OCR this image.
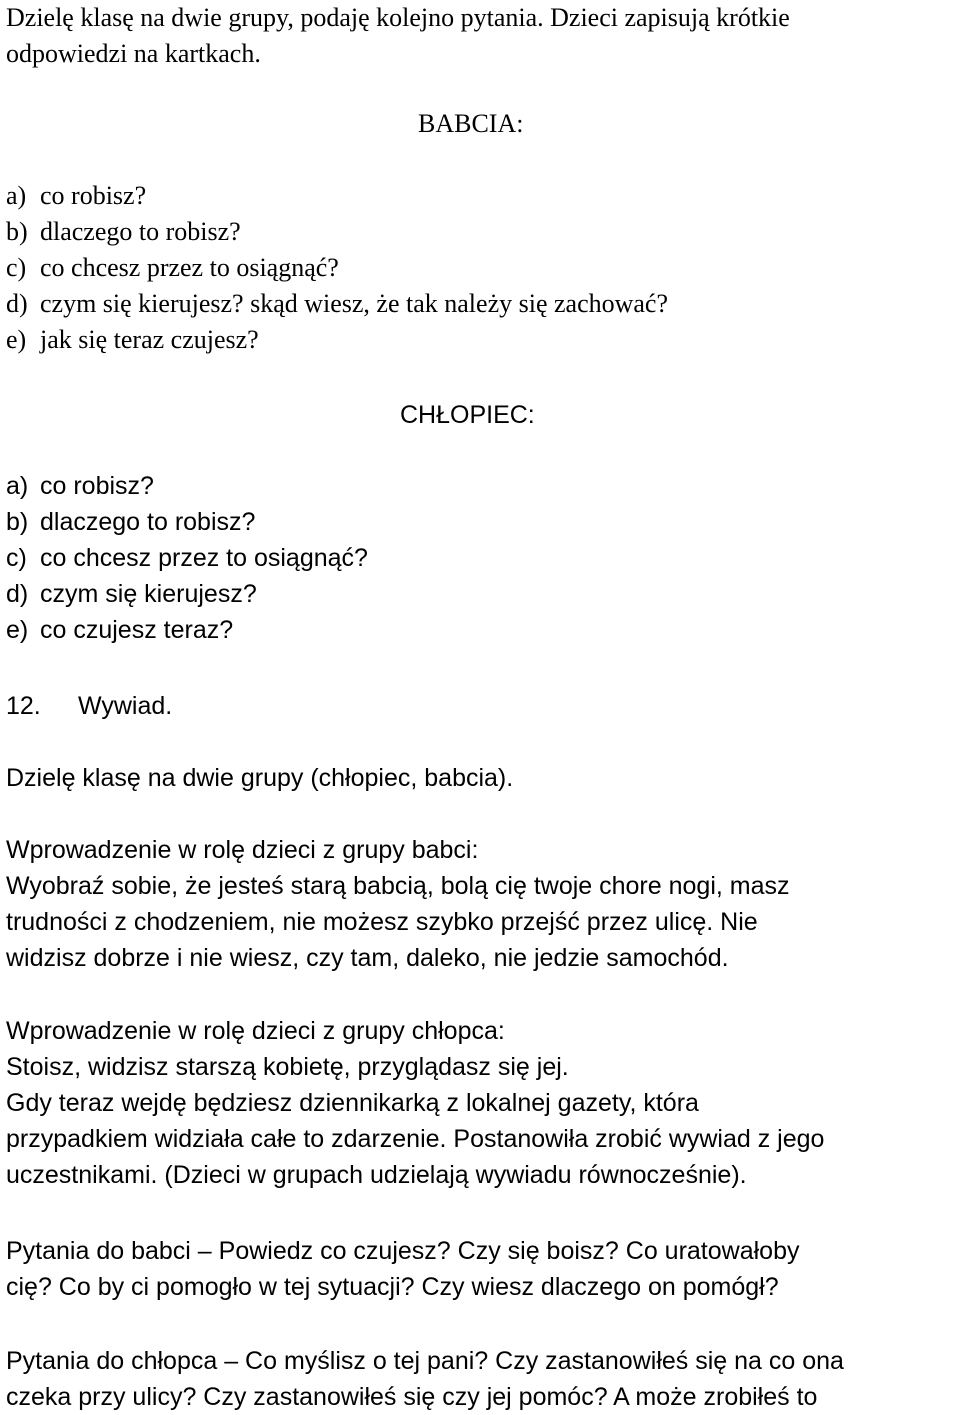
Dzielę klasę na dwie grupy, podaję kolejno pytania. Dzieci zapisują krótkie
odpowiedzi na kartkach.
BABCIA:
a) co robisz?
b) dlaczego to robisz?
c) co chcesz przez to osiągnąć?
d) czym się kierujesz? skąd wiesz, że tak należy się zachować?
e) jak się teraz czujesz?
CHŁOPIEC:
a) co robisz?
b) dlaczego to robisz?
c) co chcesz przez to osiągnąć?
d) czym się kierujesz?
e) co czujesz teraz?
12. Wywiad.
Dzielę klasę na dwie grupy (chłopiec, babcia).
Wprowadzenie w rolę dzieci z grupy babci:
Wyobraź sobie, że jesteś starą babcią, bolą cię twoje chore nogi, masz
trudności z chodzeniem, nie możesz szybko przejść przez ulicę. Nie
widzisz dobrze i nie wiesz, czy tam, daleko, nie jedzie samochód.
Wprowadzenie w rolę dzieci z grupy chłopca:
Stoisz, widzisz starszą kobietę, przyglądasz się jej.
Gdy teraz wejdę będziesz dziennikarką z lokalnej gazety, która
przypadkiem widziała całe to zdarzenie. Postanowiła zrobić wywiad z jego
uczestnikami. (Dzieci w grupach udzielają wywiadu równocześnie).
Pytania do babci – Powiedz co czujesz? Czy się boisz? Co uratowałoby
cię? Co by ci pomogło w tej sytuacji? Czy wiesz dlaczego on pomógł?
Pytania do chłopca – Co myślisz o tej pani? Czy zastanowiłeś się na co ona
czeka przy ulicy? Czy zastanowiłeś się czy jej pomóc? A może zrobiłeś to
